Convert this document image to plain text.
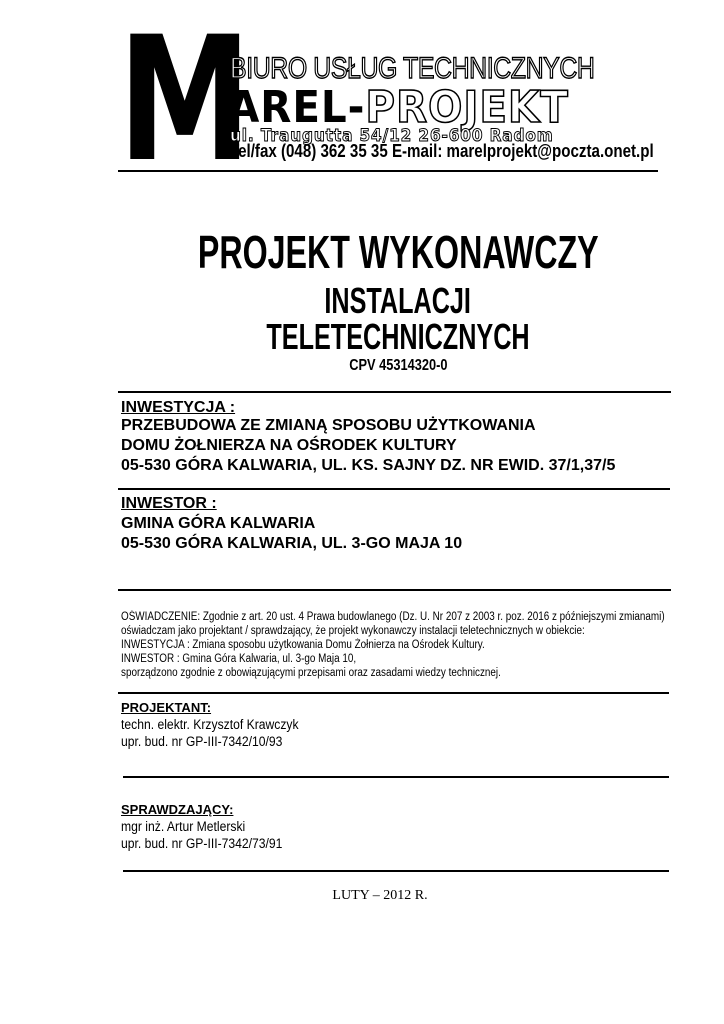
M
BIURO USŁUG TECHNICZNYCH
AREL-PROJEKT
ul. Traugutta 54/12 26-600 Radom
Tel/fax (048) 362 35 35 E-mail: marelprojekt@poczta.onet.pl
PROJEKT WYKONAWCZY
INSTALACJI
TELETECHNICZNYCH
CPV 45314320-0
INWESTYCJA :
PRZEBUDOWA ZE ZMIANĄ SPOSOBU UŻYTKOWANIA
DOMU ŻOŁNIERZA NA OŚRODEK KULTURY
05-530 GÓRA KALWARIA, UL. KS. SAJNY DZ. NR EWID. 37/1,37/5
INWESTOR :
GMINA GÓRA KALWARIA
05-530 GÓRA KALWARIA, UL. 3-GO MAJA 10
OŚWIADCZENIE: Zgodnie z art. 20 ust. 4 Prawa budowlanego (Dz. U. Nr 207 z 2003 r. poz. 2016 z późniejszymi zmianami)
oświadczam jako projektant / sprawdzający, że projekt wykonawczy instalacji teletechnicznych w obiekcie:
INWESTYCJA : Zmiana sposobu użytkowania Domu Żołnierza na Ośrodek Kultury.
INWESTOR : Gmina Góra Kalwaria, ul. 3-go Maja 10,
sporządzono zgodnie z obowiązującymi przepisami oraz zasadami wiedzy technicznej.
PROJEKTANT:
techn. elektr. Krzysztof Krawczyk
upr. bud. nr GP-III-7342/10/93
SPRAWDZAJĄCY:
mgr inż. Artur Metlerski
upr. bud. nr GP-III-7342/73/91
LUTY – 2012 R.
